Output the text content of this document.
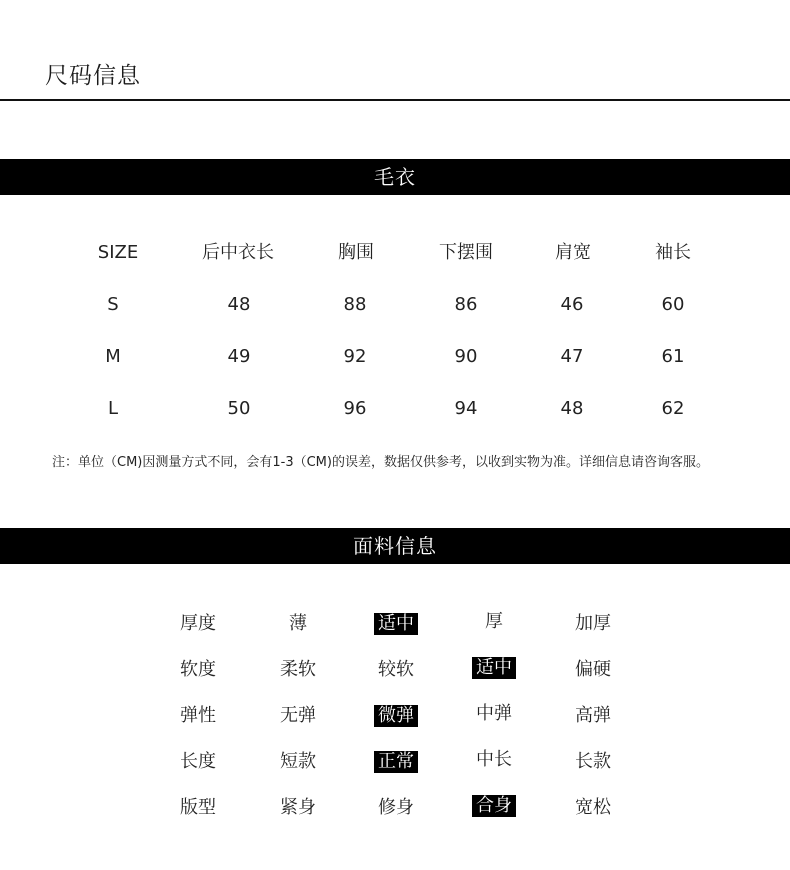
尺码信息
毛衣
SIZE	后中衣长	胸围	下摆围	肩宽	袖长
S	48	88	86	46	60
M	49	92	90	47	61
L	50	96	94	48	62
注：单位（CM)因测量方式不同，会有1-3（CM)的误差，数据仅供参考，以收到实物为准。详细信息请咨询客服。
面料信息
厚度	薄	适中	厚	加厚
软度	柔软	较软	适中	偏硬
弹性	无弹	微弹	中弹	高弹
长度	短款	正常	中长	长款
版型	紧身	修身	合身	宽松
